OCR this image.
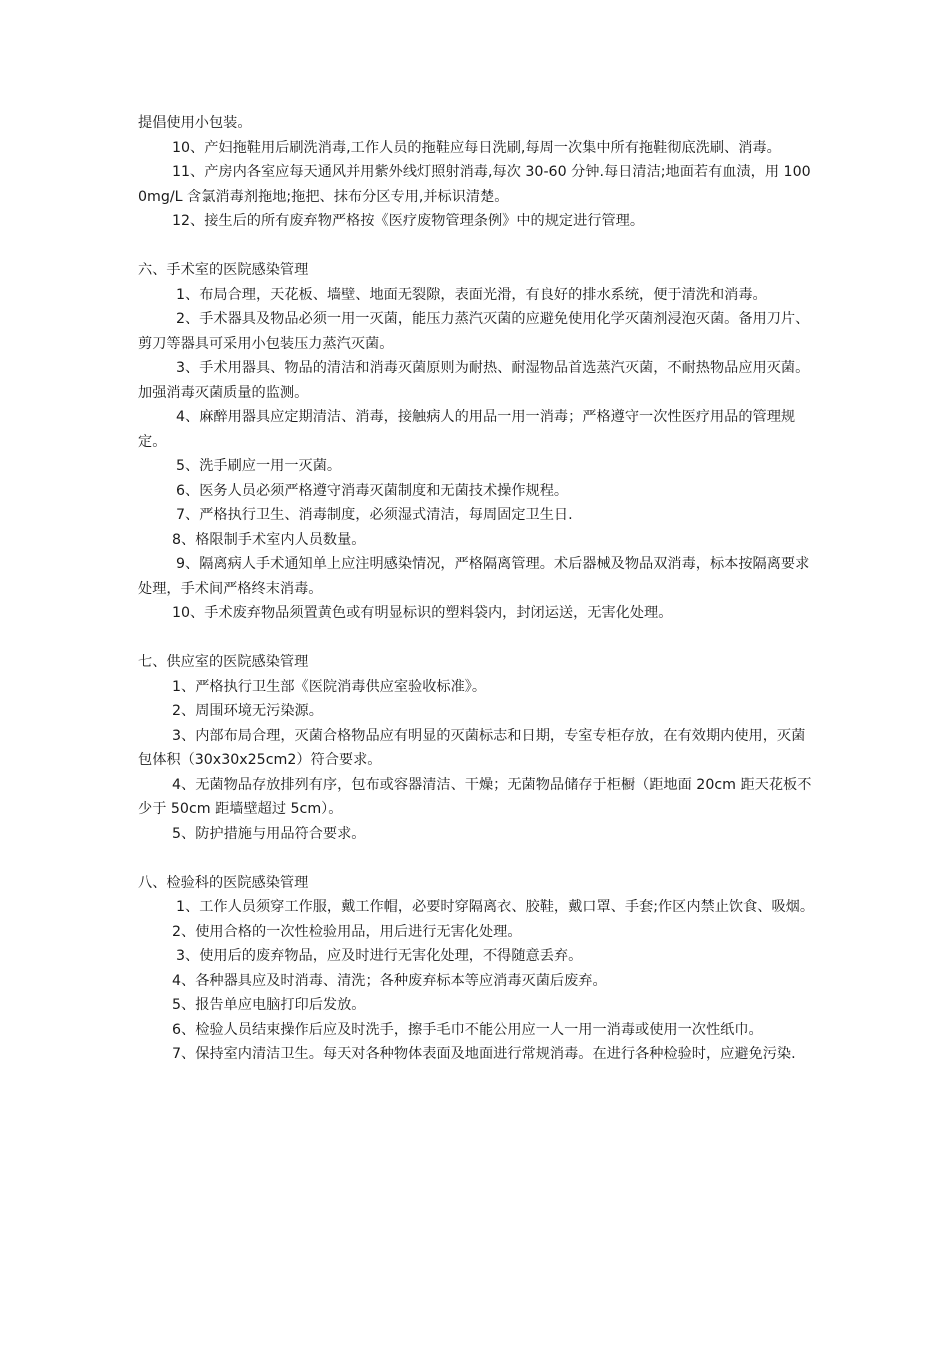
提倡使用小包装。

10、产妇拖鞋用后刷洗消毒,工作人员的拖鞋应每日洗刷,每周一次集中所有拖鞋彻底洗刷、消毒。

11、产房内各室应每天通风并用紫外线灯照射消毒,每次 30-60 分钟.每日清洁;地面若有血渍，用 1000mg/L 含氯消毒剂拖地;拖把、抹布分区专用,并标识清楚。

12、接生后的所有废弃物严格按《医疗废物管理条例》中的规定进行管理。

六、手术室的医院感染管理

1、布局合理，天花板、墙壁、地面无裂隙，表面光滑，有良好的排水系统，便于清洗和消毒。

2、手术器具及物品必须一用一灭菌，能压力蒸汽灭菌的应避免使用化学灭菌剂浸泡灭菌。备用刀片、剪刀等器具可采用小包装压力蒸汽灭菌。

3、手术用器具、物品的清洁和消毒灭菌原则为耐热、耐湿物品首选蒸汽灭菌，不耐热物品应用灭菌。加强消毒灭菌质量的监测。

4、麻醉用器具应定期清洁、消毒，接触病人的用品一用一消毒；严格遵守一次性医疗用品的管理规定。

5、洗手刷应一用一灭菌。

6、医务人员必须严格遵守消毒灭菌制度和无菌技术操作规程。

7、严格执行卫生、消毒制度，必须湿式清洁，每周固定卫生日.

8、格限制手术室内人员数量。

9、隔离病人手术通知单上应注明感染情况，严格隔离管理。术后器械及物品双消毒，标本按隔离要求处理，手术间严格终末消毒。

10、手术废弃物品须置黄色或有明显标识的塑料袋内，封闭运送，无害化处理。

七、供应室的医院感染管理

1、严格执行卫生部《医院消毒供应室验收标准》。

2、周围环境无污染源。

3、内部布局合理，灭菌合格物品应有明显的灭菌标志和日期，专室专柜存放，在有效期内使用，灭菌包体积（30x30x25cm2）符合要求。

4、无菌物品存放排列有序，包布或容器清洁、干燥；无菌物品储存于柜橱（距地面 20cm 距天花板不少于 50cm 距墙壁超过 5cm）。

5、防护措施与用品符合要求。

八、检验科的医院感染管理

1、工作人员须穿工作服，戴工作帽，必要时穿隔离衣、胶鞋，戴口罩、手套;作区内禁止饮食、吸烟。

2、使用合格的一次性检验用品，用后进行无害化处理。

3、使用后的废弃物品，应及时进行无害化处理，不得随意丢弃。

4、各种器具应及时消毒、清洗；各种废弃标本等应消毒灭菌后废弃。

5、报告单应电脑打印后发放。

6、检验人员结束操作后应及时洗手，擦手毛巾不能公用应一人一用一消毒或使用一次性纸巾。

7、保持室内清洁卫生。每天对各种物体表面及地面进行常规消毒。在进行各种检验时，应避免污染.
